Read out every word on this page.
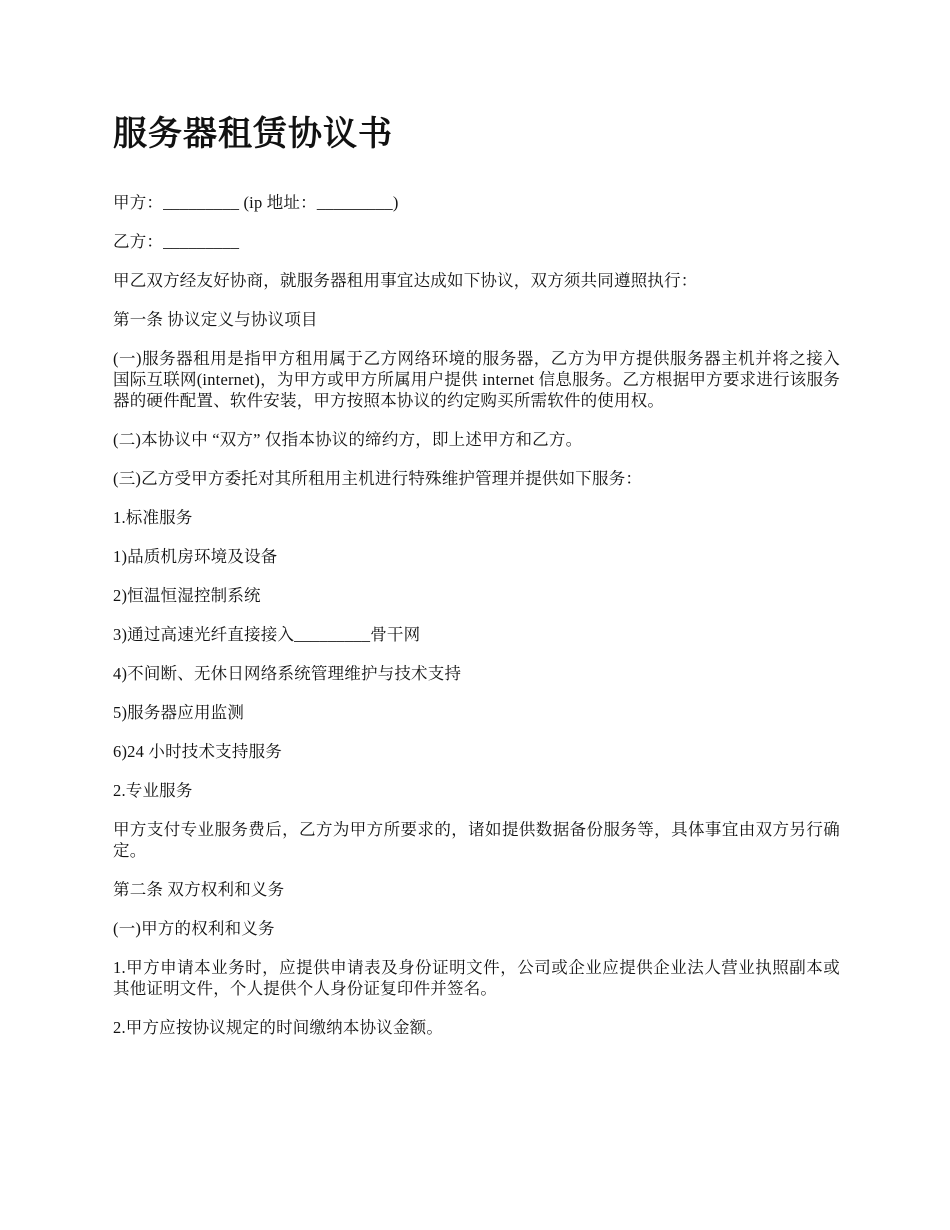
服务器租赁协议书

甲方：_________ (ip 地址：_________)

乙方：_________

甲乙双方经友好协商，就服务器租用事宜达成如下协议，双方须共同遵照执行：

第一条 协议定义与协议项目

(一)服务器租用是指甲方租用属于乙方网络环境的服务器，乙方为甲方提供服务器主机并将之接入国际互联网(internet)，为甲方或甲方所属用户提供 internet 信息服务。乙方根据甲方要求进行该服务器的硬件配置、软件安装，甲方按照本协议的约定购买所需软件的使用权。

(二)本协议中 “双方” 仅指本协议的缔约方，即上述甲方和乙方。

(三)乙方受甲方委托对其所租用主机进行特殊维护管理并提供如下服务：

1.标准服务

1)品质机房环境及设备

2)恒温恒湿控制系统

3)通过高速光纤直接接入_________骨干网

4)不间断、无休日网络系统管理维护与技术支持

5)服务器应用监测

6)24 小时技术支持服务

2.专业服务

甲方支付专业服务费后，乙方为甲方所要求的，诸如提供数据备份服务等，具体事宜由双方另行确定。

第二条 双方权利和义务

(一)甲方的权利和义务

1.甲方申请本业务时，应提供申请表及身份证明文件，公司或企业应提供企业法人营业执照副本或其他证明文件，个人提供个人身份证复印件并签名。

2.甲方应按协议规定的时间缴纳本协议金额。
